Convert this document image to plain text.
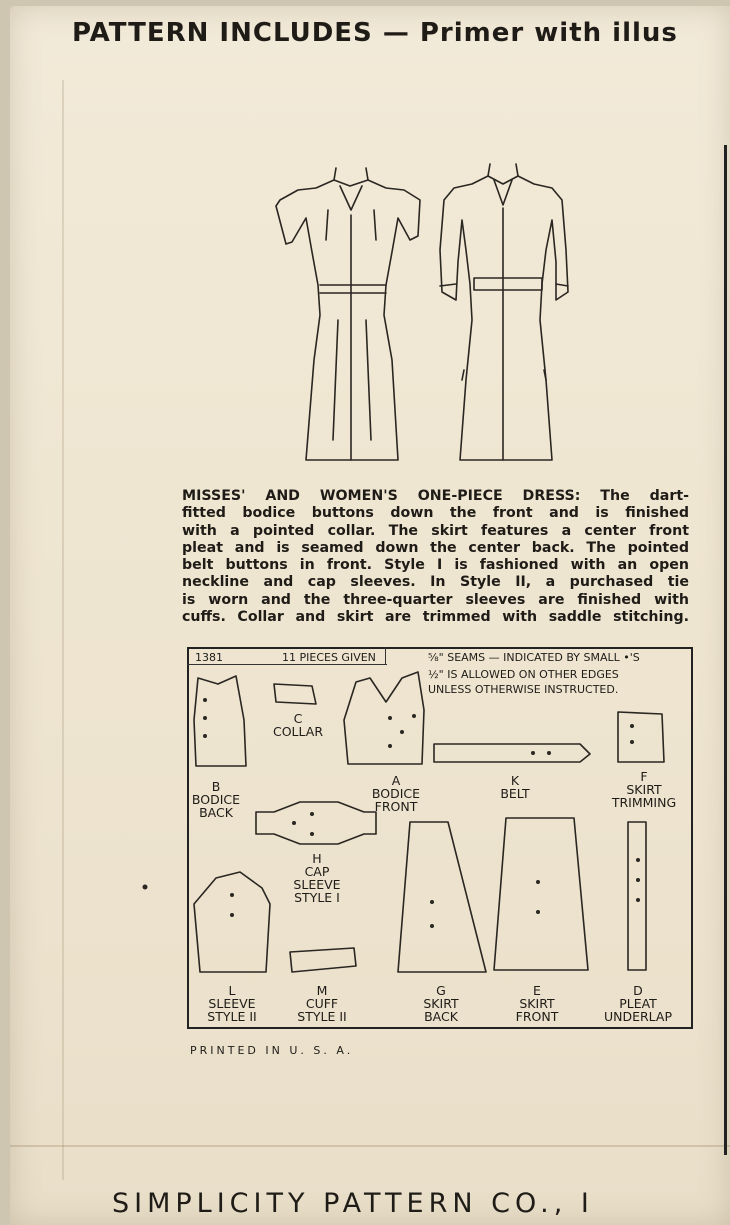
PATTERN INCLUDES — Primer with illus
MISSES' AND WOMEN'S ONE-PIECE DRESS: The dart-
fitted bodice buttons down the front and is finished
with a pointed collar. The skirt features a center front
pleat and is seamed down the center back. The pointed
belt buttons in front. Style I is fashioned with an open
neckline and cap sleeves. In Style II, a purchased tie
is worn and the three-quarter sleeves are finished with
cuffs. Collar and skirt are trimmed with saddle stitching.
1381	11 PIECES GIVEN	⅝" SEAMS — INDICATED BY SMALL •'S
½" IS ALLOWED ON OTHER EDGES
UNLESS OTHERWISE INSTRUCTED.
C
COLLAR
B
BODICE
BACK
A
BODICE
FRONT
K
BELT
F
SKIRT
TRIMMING
H
CAP
SLEEVE
STYLE I
L
SLEEVE
STYLE II
M
CUFF
STYLE II
G
SKIRT
BACK
E
SKIRT
FRONT
D
PLEAT
UNDERLAP
PRINTED IN U. S. A.
SIMPLICITY PATTERN CO., I
